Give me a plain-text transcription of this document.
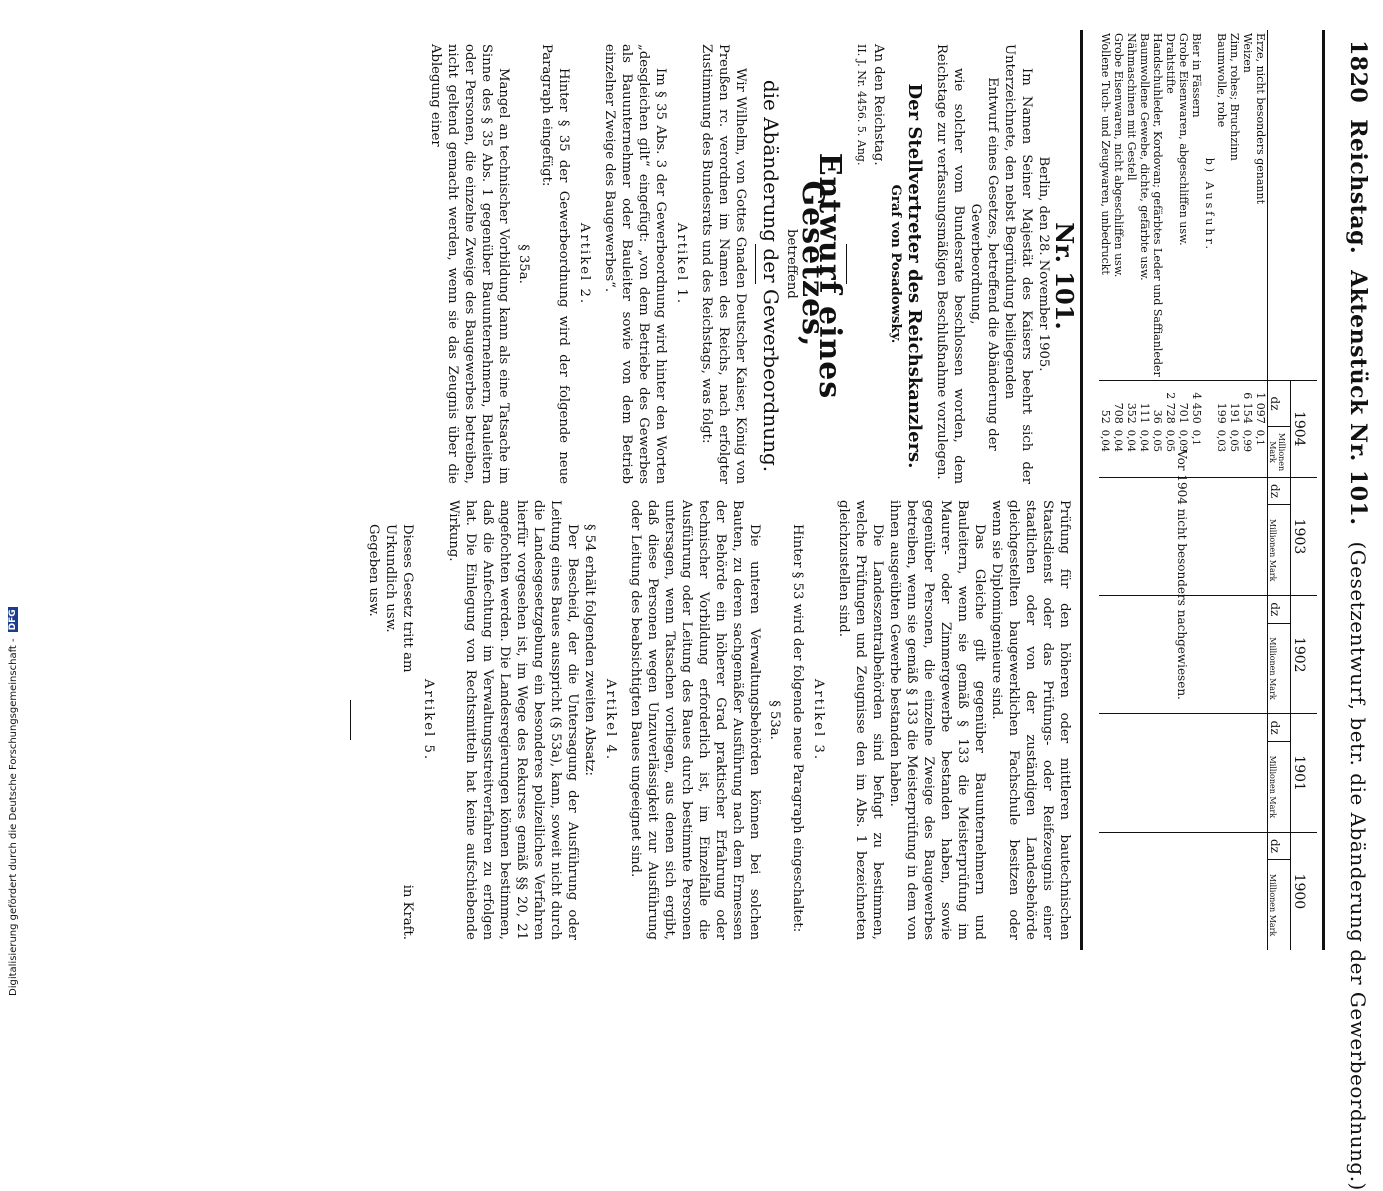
1820
Reichstag.
Aktenstück Nr. 101.
(Gesetzentwurf, betr. die Abänderung der Gewerbeordnung.)
	1904		1903		1902		1901		1900	
	dz	Millionen Mark	dz	Millionen Mark	dz	Millionen Mark	dz	Millionen Mark	dz	Millionen Mark
Erze, nicht besonders genannt	1 097	0,1								
Weizen	6 154	0,99								
Zinn, rohes; Bruchzinn	191	0,05								
Baumwolle, rohe	199	0,03								
b) Ausfuhr.										
Bier in Fässern	4 450	0,1								
Grobe Eisenwaren, abgeschliffen usw.	701	0,09								
Drahtstifte	2 728	0,05								
Handschuhleder, Kordovan; gefärbtes Leder und Saffianleder	36	0,05								
Baumwollene Gewebe, dichte, gefärbte usw.	111	0,04								
Nähmaschinen mit Gestell	352	0,04								
Grobe Eisenwaren, nicht abgeschliffen usw.	708	0,04								
Wollene Tuch- und Zeugwaren, unbedruckt	52	0,04								
Vor 1904 nicht besonders nachgewiesen.

Nr. 101.

Berlin, den 28. November 1905.

Im Namen Seiner Majestät des Kaisers beehrt sich der Unterzeichnete, den nebst Begründung beiliegenden

Entwurf eines Gesetzes, betreffend die Abänderung der Gewerbeordnung,

wie solcher vom Bundesrate beschlossen worden, dem Reichstage zur verfassungsmäßigen Beschlußnahme vorzulegen.

Der Stellvertreter des Reichskanzlers.

Graf von Posadowsky.

An den Reichstag.

II. J. Nr. 4456. 5. Ang.

Entwurf eines Gesetzes,

betreffend

die Abänderung der Gewerbeordnung.

Wir Wilhelm, von Gottes Gnaden Deutscher Kaiser, König von Preußen rc. verordnen im Namen des Reichs, nach erfolgter Zustimmung des Bundesrats und des Reichstags, was folgt:

Artikel 1.

Im § 35 Abs. 3 der Gewerbeordnung wird hinter den Worten „desgleichen gilt“ eingefügt: „von dem Betriebe des Gewerbes als Bauunternehmer oder Bauleiter sowie von dem Betrieb einzelner Zweige des Baugewerbes“.

Artikel 2.

Hinter § 35 der Gewerbeordnung wird der folgende neue Paragraph eingefügt:

§ 35a.

Mangel an technischer Vorbildung kann als eine Tatsache im Sinne des § 35 Abs. 1 gegenüber Bauunternehmern, Bauleitern oder Personen, die einzelne Zweige des Baugewerbes betreiben, nicht geltend gemacht werden, wenn sie das Zeugnis über die Ablegung einer

Prüfung für den höheren oder mittleren bautechnischen Staatsdienst oder das Prüfungs- oder Reifezeugnis einer staatlichen oder von der zuständigen Landesbehörde gleichgestellten baugewerklichen Fachschule besitzen oder wenn sie Diplomingenieure sind.

Das Gleiche gilt gegenüber Bauunternehmern und Bauleitern, wenn sie gemäß § 133 die Meisterprüfung im Maurer- oder Zimmergewerbe bestanden haben, sowie gegenüber Personen, die einzelne Zweige des Baugewerbes betreiben, wenn sie gemäß § 133 die Meisterprüfung in dem von ihnen ausgeübten Gewerbe bestanden haben.

Die Landeszentralbehörden sind befugt zu bestimmen, welche Prüfungen und Zeugnisse den im Abs. 1 bezeichneten gleichzustellen sind.

Artikel 3.

Hinter § 53 wird der folgende neue Paragraph eingeschaltet:

§ 53a.

Die unteren Verwaltungsbehörden können bei solchen Bauten, zu deren sachgemäßer Ausführung nach dem Ermessen der Behörde ein höherer Grad praktischer Erfahrung oder technischer Vorbildung erforderlich ist, im Einzelfalle die Ausführung oder Leitung des Baues durch bestimmte Personen untersagen, wenn Tatsachen vorliegen, aus denen sich ergibt, daß diese Personen wegen Unzuverlässigkeit zur Ausführung oder Leitung des beabsichtigten Baues ungeeignet sind.

Artikel 4.

§ 54 erhält folgenden zweiten Absatz:

Der Bescheid, der die Untersagung der Ausführung oder Leitung eines Baues ausspricht (§ 53a), kann, soweit nicht durch die Landesgesetzgebung ein besonderes polizeiliches Verfahren hierfür vorgesehen ist, im Wege des Rekurses gemäß §§ 20, 21 angefochten werden. Die Landesregierungen können bestimmen, daß die Anfechtung im Verwaltungsstreitverfahren zu erfolgen hat. Die Einlegung von Rechtsmitteln hat keine aufschiebende Wirkung.

Artikel 5.

Dieses Gesetz tritt am
in Kraft.

Urkundlich usw.

Gegeben usw.

Digitalisierung gefördert durch die Deutsche Forschungsgemeinschaft -
DFG
